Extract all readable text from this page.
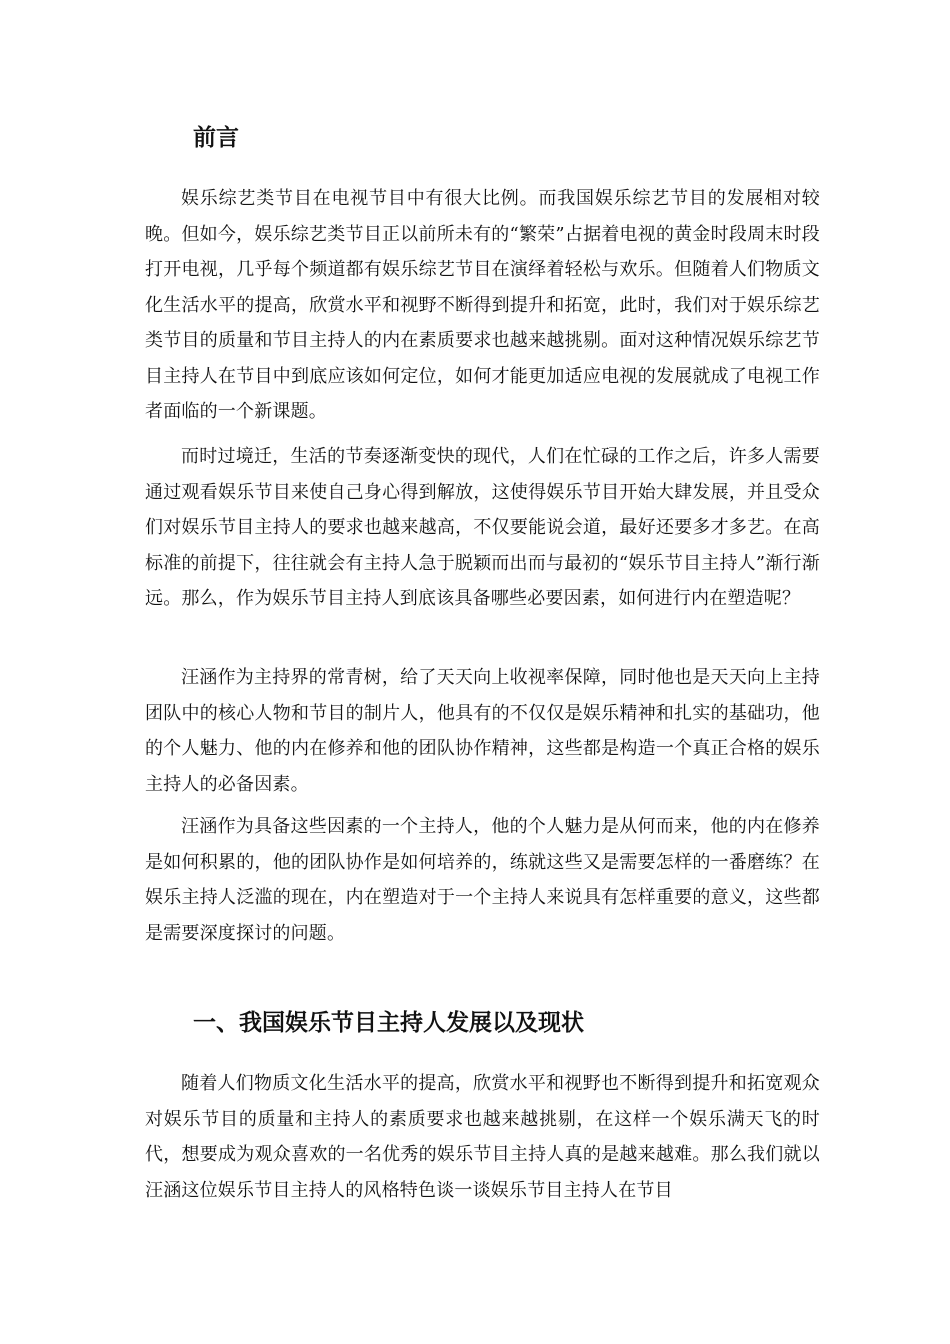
前言

娱乐综艺类节目在电视节目中有很大比例。而我国娱乐综艺节目的发展相对较晚。但如今，娱乐综艺类节目正以前所未有的“繁荣”占据着电视的黄金时段周末时段打开电视，几乎每个频道都有娱乐综艺节目在演绎着轻松与欢乐。但随着人们物质文化生活水平的提高，欣赏水平和视野不断得到提升和拓宽，此时，我们对于娱乐综艺类节目的质量和节目主持人的内在素质要求也越来越挑剔。面对这种情况娱乐综艺节目主持人在节目中到底应该如何定位，如何才能更加适应电视的发展就成了电视工作者面临的一个新课题。

而时过境迁，生活的节奏逐渐变快的现代，人们在忙碌的工作之后，许多人需要通过观看娱乐节目来使自己身心得到解放，这使得娱乐节目开始大肆发展，并且受众们对娱乐节目主持人的要求也越来越高，不仅要能说会道，最好还要多才多艺。在高标准的前提下，往往就会有主持人急于脱颖而出而与最初的“娱乐节目主持人”渐行渐远。那么，作为娱乐节目主持人到底该具备哪些必要因素，如何进行内在塑造呢？

汪涵作为主持界的常青树，给了天天向上收视率保障，同时他也是天天向上主持团队中的核心人物和节目的制片人，他具有的不仅仅是娱乐精神和扎实的基础功，他的个人魅力、他的内在修养和他的团队协作精神，这些都是构造一个真正合格的娱乐主持人的必备因素。

汪涵作为具备这些因素的一个主持人，他的个人魅力是从何而来，他的内在修养是如何积累的，他的团队协作是如何培养的，练就这些又是需要怎样的一番磨练？在娱乐主持人泛滥的现在，内在塑造对于一个主持人来说具有怎样重要的意义，这些都是需要深度探讨的问题。

一、我国娱乐节目主持人发展以及现状

随着人们物质文化生活水平的提高，欣赏水平和视野也不断得到提升和拓宽观众对娱乐节目的质量和主持人的素质要求也越来越挑剔，在这样一个娱乐满天飞的时代，想要成为观众喜欢的一名优秀的娱乐节目主持人真的是越来越难。那么我们就以汪涵这位娱乐节目主持人的风格特色谈一谈娱乐节目主持人在节目
